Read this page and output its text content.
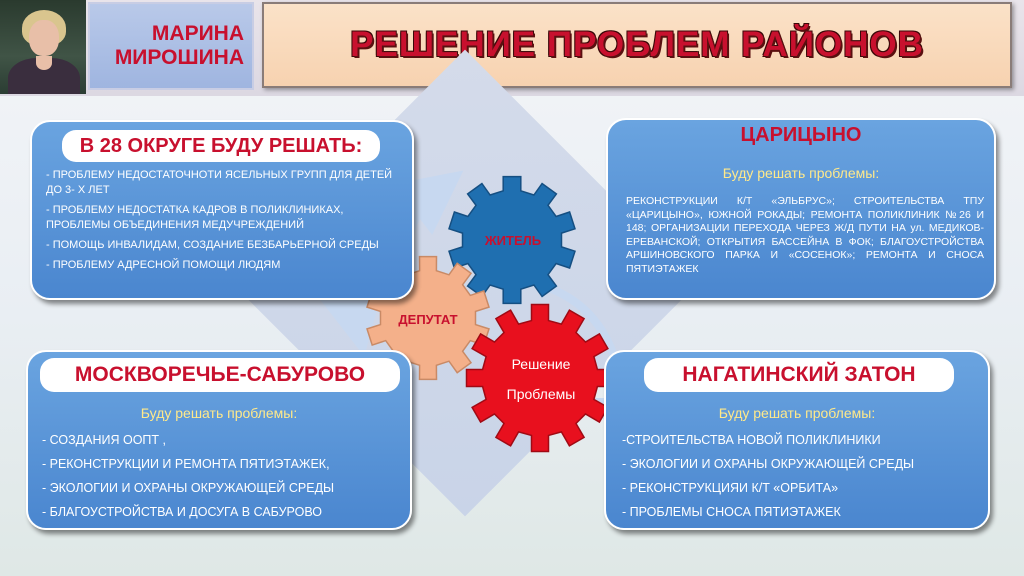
МАРИНА
МИРОШИНА	РЕШЕНИЕ ПРОБЛЕМ РАЙОНОВ
ЖИТЕЛЬ
ДЕПУТАТ
Решение
Проблемы
В 28 ОКРУГЕ БУДУ РЕШАТЬ:
- ПРОБЛЕМУ НЕДОСТАТОЧНОТИ ЯСЕЛЬНЫХ ГРУПП ДЛЯ ДЕТЕЙ ДО 3- Х ЛЕТ
- ПРОБЛЕМУ НЕДОСТАТКА КАДРОВ В ПОЛИКЛИНИКАХ, ПРОБЛЕМЫ ОБЪЕДИНЕНИЯ МЕДУЧРЕЖДЕНИЙ
- ПОМОЩЬ ИНВАЛИДАМ, СОЗДАНИЕ БЕЗБАРЬЕРНОЙ СРЕДЫ
- ПРОБЛЕМУ АДРЕСНОЙ ПОМОЩИ ЛЮДЯМ
ЦАРИЦЫНО
Буду решать проблемы:
РЕКОНСТРУКЦИИ К/Т «ЭЛЬБРУС»; СТРОИТЕЛЬСТВА ТПУ «ЦАРИЦЫНО», ЮЖНОЙ РОКАДЫ; РЕМОНТА ПОЛИКЛИНИК №26 И 148; ОРГАНИЗАЦИИ ПЕРЕХОДА ЧЕРЕЗ Ж/Д ПУТИ НА ул. МЕДИКОВ-ЕРЕВАНСКОЙ; ОТКРЫТИЯ БАССЕЙНА В ФОК; БЛАГОУСТРОЙСТВА АРШИНОВСКОГО ПАРКА И «СОСЕНОК»; РЕМОНТА И СНОСА ПЯТИЭТАЖЕК
МОСКВОРЕЧЬЕ-САБУРОВО
Буду решать проблемы:
- СОЗДАНИЯ ООПТ ,
- РЕКОНСТРУКЦИИ И РЕМОНТА ПЯТИЭТАЖЕК,
- ЭКОЛОГИИ И ОХРАНЫ ОКРУЖАЮЩЕЙ СРЕДЫ
- БЛАГОУСТРОЙСТВА И ДОСУГА В САБУРОВО
НАГАТИНСКИЙ ЗАТОН
Буду решать проблемы:
-СТРОИТЕЛЬСТВА НОВОЙ ПОЛИКЛИНИКИ
- ЭКОЛОГИИ И ОХРАНЫ ОКРУЖАЮЩЕЙ СРЕДЫ
- РЕКОНСТРУКЦИЯИ К/Т «ОРБИТА»
- ПРОБЛЕМЫ СНОСА ПЯТИЭТАЖЕК
